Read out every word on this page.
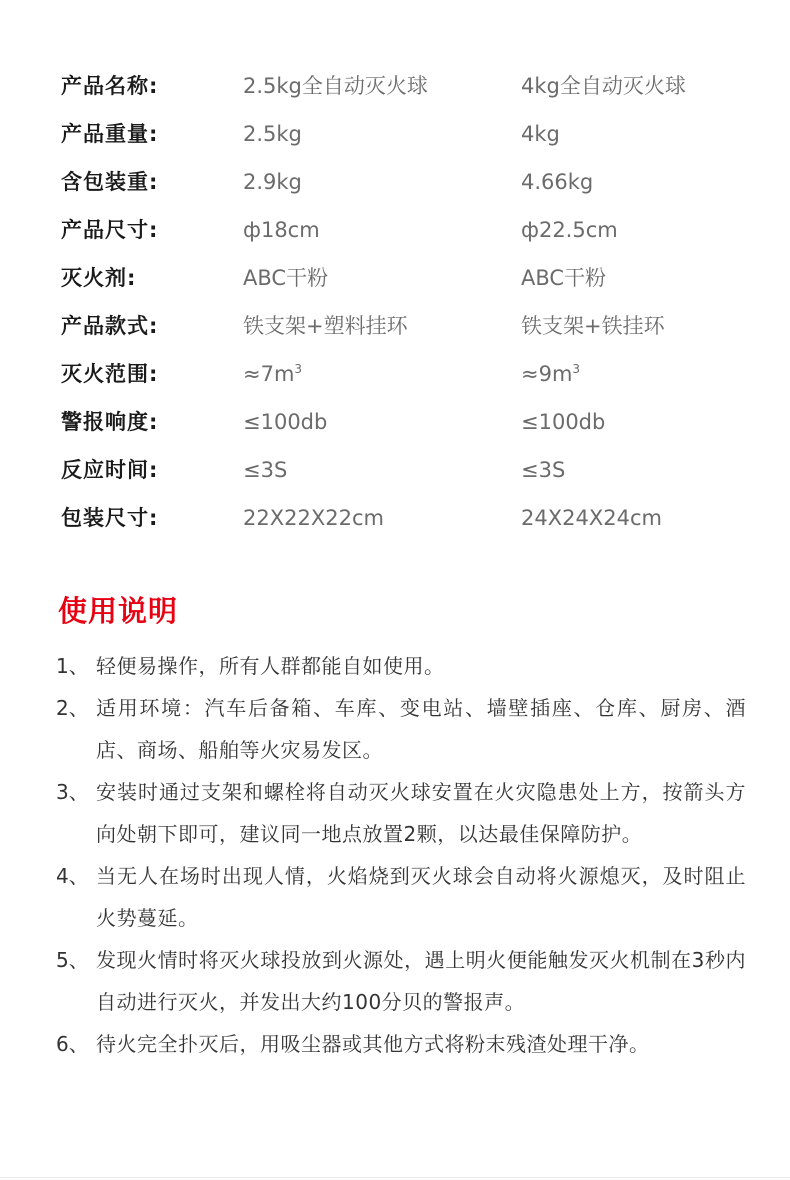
产品名称:	2.5kg全自动灭火球	4kg全自动灭火球
产品重量:	2.5kg	4kg
含包装重:	2.9kg	4.66kg
产品尺寸:	ф18cm	ф22.5cm
灭火剂:	ABC干粉	ABC干粉
产品款式:	铁支架+塑料挂环	铁支架+铁挂环
灭火范围:	$\approx 7m^3$	$\approx 9m^3$
警报响度:	≤100db	≤100db
反应时间:	≤3S	≤3S
包装尺寸:	22X22X22cm	24X24X24cm
使用说明
1、 轻便易操作，所有人群都能自如使用。
2、 适用环境：汽车后备箱、车库、变电站、墙壁插座、仓库、厨房、酒店、商场、船舶等火灾易发区。
3、 安装时通过支架和螺栓将自动灭火球安置在火灾隐患处上方，按箭头方向处朝下即可，建议同一地点放置2颗，以达最佳保障防护。
4、 当无人在场时出现人情，火焰烧到灭火球会自动将火源熄灭，及时阻止火势蔓延。
5、 发现火情时将灭火球投放到火源处，遇上明火便能触发灭火机制在3秒内自动进行灭火，并发出大约100分贝的警报声。
6、 待火完全扑灭后，用吸尘器或其他方式将粉末残渣处理干净。
